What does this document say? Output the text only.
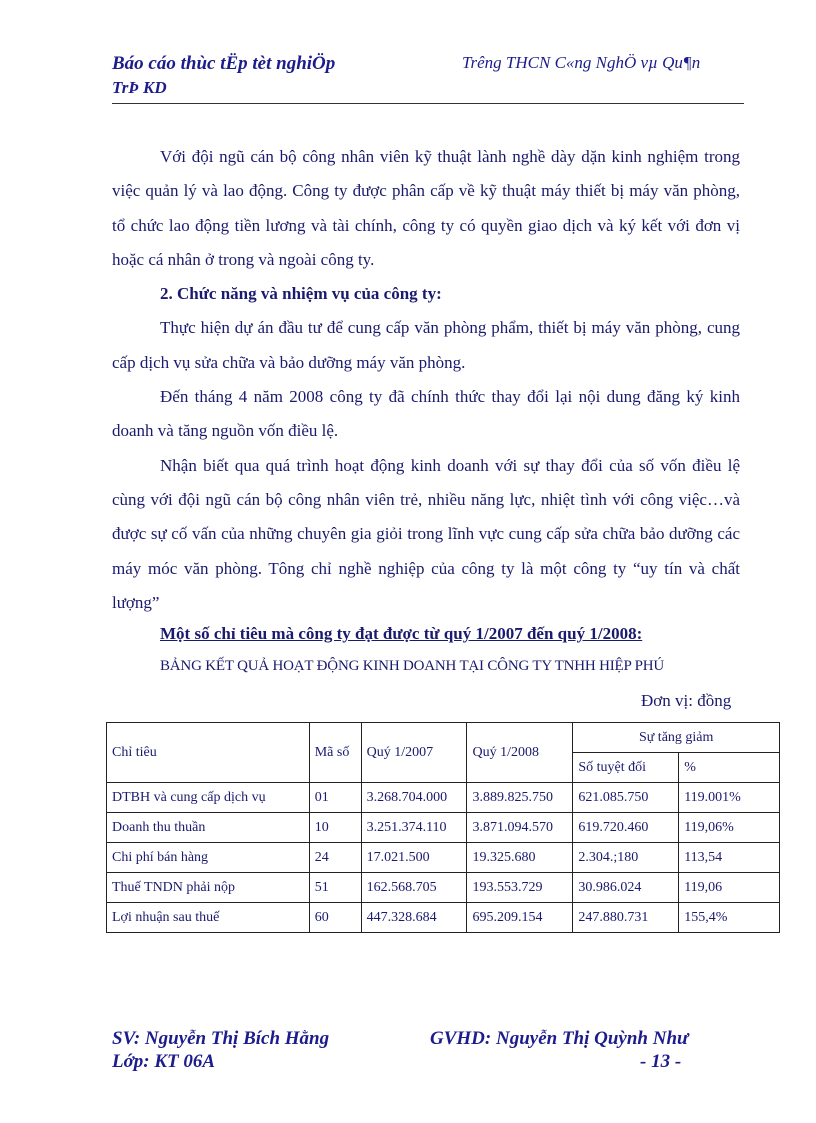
Báo cáo thùc tËp tèt nghiÖp
TrÞ KD
Trêng THCN C«ng NghÖ vµ Qu¶n

Với đội ngũ cán bộ công nhân viên kỹ thuật lành nghề dày dặn kinh nghiệm trong việc quản lý và lao động. Công ty được phân cấp về kỹ thuật máy thiết bị máy văn phòng, tổ chức lao động tiền lương và tài chính, công ty có quyền giao dịch và ký kết với đơn vị hoặc cá nhân ở trong và ngoài công ty.

2. Chức năng và nhiệm vụ của công ty:

Thực hiện dự án đầu tư để cung cấp văn phòng phẩm, thiết bị máy văn phòng, cung cấp dịch vụ sửa chữa và bảo dưỡng máy văn phòng.

Đến tháng 4 năm 2008 công ty đã chính thức thay đổi lại nội dung đăng ký kinh doanh và tăng nguồn vốn điều lệ.

Nhận biết qua quá trình hoạt động kinh doanh với sự thay đổi của số vốn điều lệ cùng với đội ngũ cán bộ công nhân viên trẻ, nhiều năng lực, nhiệt tình với công việc…và được sự cố vấn của những chuyên gia giỏi trong lĩnh vực cung cấp sửa chữa bảo dưỡng các máy móc văn phòng. Tông chỉ nghề nghiệp của công ty là một công ty “uy tín và chất lượng”

Một số chỉ tiêu mà công ty đạt được từ quý 1/2007 đến quý 1/2008:
BẢNG KẾT QUẢ HOẠT ĐỘNG KINH DOANH TẠI CÔNG TY TNHH HIỆP PHÚ
Đơn vị: đồng
Chỉ tiêu	Mã số	Quý 1/2007	Quý 1/2008	Sự tăng giảm	
				Số tuyệt đối	%
DTBH và cung cấp dịch vụ	01	3.268.704.000	3.889.825.750	621.085.750	119.001%
Doanh thu thuần	10	3.251.374.110	3.871.094.570	619.720.460	119,06%
Chi phí bán hàng	24	17.021.500	19.325.680	2.304.;180	113,54
Thuế TNDN phải nộp	51	162.568.705	193.553.729	30.986.024	119,06
Lợi nhuận sau thuế	60	447.328.684	695.209.154	247.880.731	155,4%
SV: Nguyễn Thị Bích Hằng
Lớp: KT 06A
GVHD: Nguyễn Thị Quỳnh Như
- 13 -
